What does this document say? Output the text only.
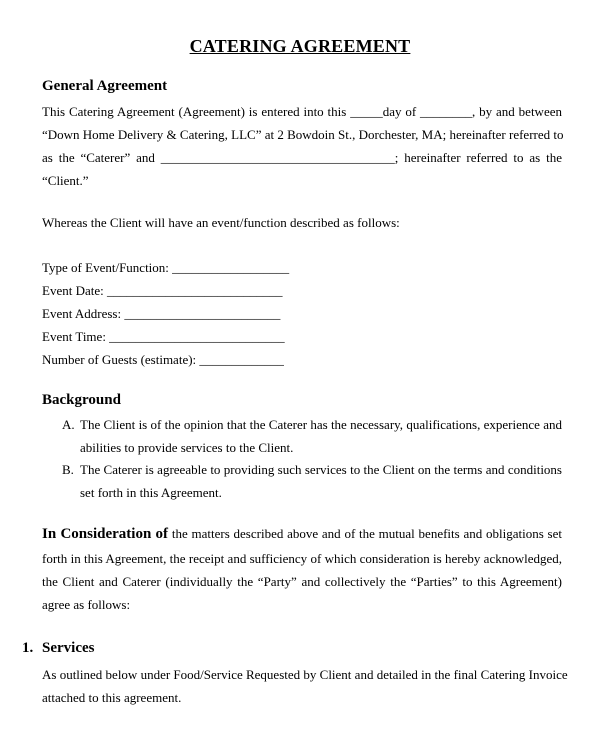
CATERING AGREEMENT
General Agreement
This Catering Agreement (Agreement) is entered into this _____day of ________, by and between
“Down Home Delivery & Catering, LLC” at 2 Bowdoin St., Dorchester, MA; hereinafter referred to
as the “Caterer” and ____________________________________; hereinafter referred to as the
“Client.”
Whereas the Client will have an event/function described as follows:
Type of Event/Function: __________________
Event Date: ___________________________
Event Address: ________________________
Event Time: ___________________________
Number of Guests (estimate): _____________
Background
A. The Client is of the opinion that the Caterer has the necessary, qualifications, experience and
abilities to provide services to the Client.
B. The Caterer is agreeable to providing such services to the Client on the terms and conditions
set forth in this Agreement.
In Consideration of the matters described above and of the mutual benefits and obligations set
forth in this Agreement, the receipt and sufficiency of which consideration is hereby acknowledged,
the Client and Caterer (individually the “Party” and collectively the “Parties” to this Agreement)
agree as follows:
1. Services
As outlined below under Food/Service Requested by Client and detailed in the final Catering Invoice
attached to this agreement.
